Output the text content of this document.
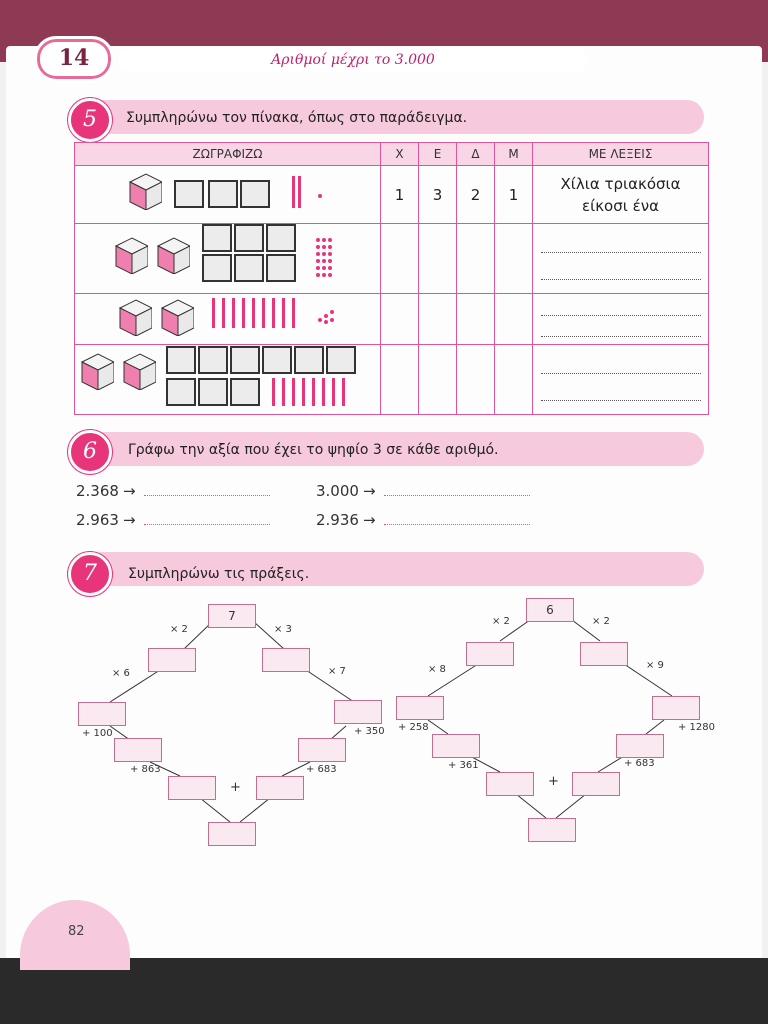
14	Αριθμοί μέχρι το 3.000
5	Συμπληρώνω τον πίνακα, όπως στο παράδειγμα.
ΖΩΓΡΑΦΙΖΩ	Χ	Ε	Δ	Μ	ΜΕ ΛΕΞΕΙΣ
	1	3	2	1	Χίλια τριακόσια
είκοσι ένα

6	Γράφω την αξία που έχει το ψηφίο 3 σε κάθε αριθμό.
2.368 →	3.000 →
2.963 →	2.936 →
7	Συμπληρώνω τις πράξεις.
7
× 2	× 3
× 6	× 7
+ 100	+ 350
+ 863	+ 683
+
6
× 2	× 2
× 8	× 9
+ 258	+ 1280
+ 361	+ 683
+
82
